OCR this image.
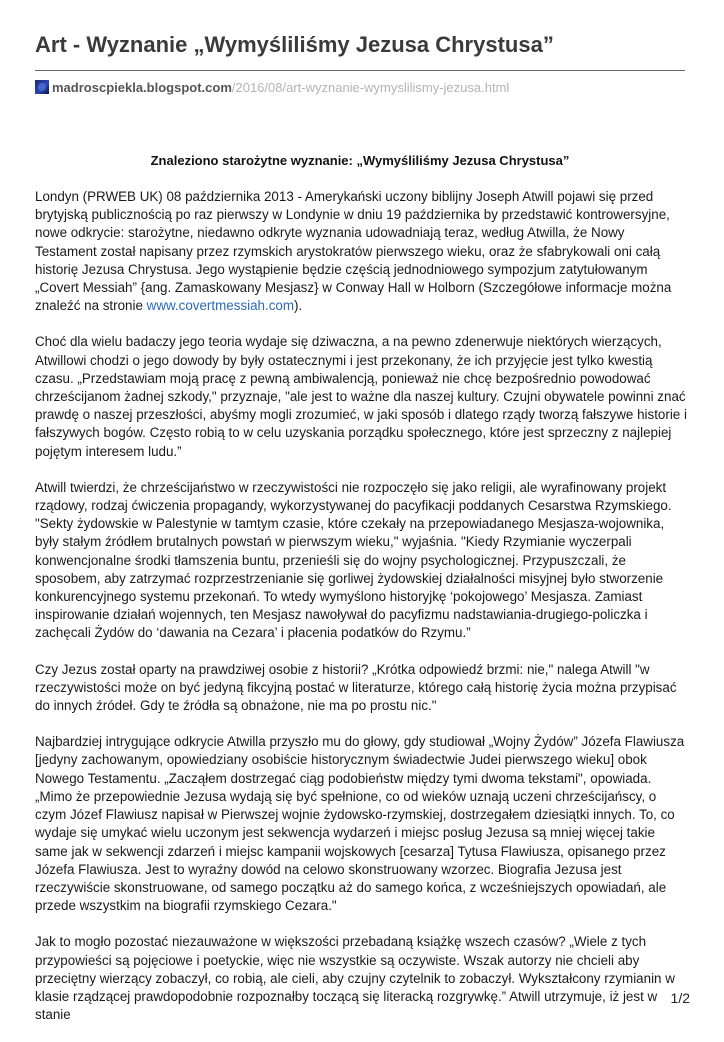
Art - Wyznanie „Wymyśliliśmy Jezusa Chrystusa”
madroscpiekla.blogspot.com/2016/08/art-wyznanie-wymyslilismy-jezusa.html
Znaleziono starożytne wyznanie: „Wymyśliliśmy Jezusa Chrystusa”

Londyn (PRWEB UK) 08 października 2013 - Amerykański uczony biblijny Joseph Atwill pojawi się przed brytyjską publicznością po raz pierwszy w Londynie w dniu 19 października by przedstawić kontrowersyjne, nowe odkrycie: starożytne, niedawno odkryte wyznania udowadniają teraz, według Atwilla, że Nowy Testament został napisany przez rzymskich arystokratów pierwszego wieku, oraz że sfabrykowali oni całą historię Jezusa Chrystusa. Jego wystąpienie będzie częścią jednodniowego sympozjum zatytułowanym „Covert Messiah” {ang. Zamaskowany Mesjasz} w Conway Hall w Holborn (Szczegółowe informacje można znaleźć na stronie www.covertmessiah.com).

Choć dla wielu badaczy jego teoria wydaje się dziwaczna, a na pewno zdenerwuje niektórych wierzących, Atwillowi chodzi o jego dowody by były ostatecznymi i jest przekonany, że ich przyjęcie jest tylko kwestią czasu. „Przedstawiam moją pracę z pewną ambiwalencją, ponieważ nie chcę bezpośrednio powodować chrześcijanom żadnej szkody," przyznaje, "ale jest to ważne dla naszej kultury. Czujni obywatele powinni znać prawdę o naszej przeszłości, abyśmy mogli zrozumieć, w jaki sposób i dlatego rządy tworzą fałszywe historie i fałszywych bogów. Często robią to w celu uzyskania porządku społecznego, które jest sprzeczny z najlepiej pojętym interesem ludu.”

Atwill twierdzi, że chrześcijaństwo w rzeczywistości nie rozpoczęło się jako religii, ale wyrafinowany projekt rządowy, rodzaj ćwiczenia propagandy, wykorzystywanej do pacyfikacji poddanych Cesarstwa Rzymskiego. "Sekty żydowskie w Palestynie w tamtym czasie, które czekały na przepowiadanego Mesjasza-wojownika, były stałym źródłem brutalnych powstań w pierwszym wieku," wyjaśnia. "Kiedy Rzymianie wyczerpali konwencjonalne środki tłamszenia buntu, przenieśli się do wojny psychologicznej. Przypuszczali, że sposobem, aby zatrzymać rozprzestrzenianie się gorliwej żydowskiej działalności misyjnej było stworzenie konkurencyjnego systemu przekonań. To wtedy wymyślono historyjkę ‘pokojowego’ Mesjasza. Zamiast inspirowanie działań wojennych, ten Mesjasz nawoływał do pacyfizmu nadstawiania-drugiego-policzka i zachęcali Żydów do ‘dawania na Cezara’ i płacenia podatków do Rzymu.”

Czy Jezus został oparty na prawdziwej osobie z historii? „Krótka odpowiedź brzmi: nie," nalega Atwill "w rzeczywistości może on być jedyną fikcyjną postać w literaturze, którego całą historię życia można przypisać do innych źródeł. Gdy te źródła są obnażone, nie ma po prostu nic."

Najbardziej intrygujące odkrycie Atwilla przyszło mu do głowy, gdy studiował „Wojny Żydów” Józefa Flawiusza [jedyny zachowanym, opowiedziany osobiście historycznym świadectwie Judei pierwszego wieku] obok Nowego Testamentu. „Zacząłem dostrzegać ciąg podobieństw między tymi dwoma tekstami", opowiada. „Mimo że przepowiednie Jezusa wydają się być spełnione, co od wieków uznają uczeni chrześcijańscy, o czym Józef Flawiusz napisał w Pierwszej wojnie żydowsko-rzymskiej, dostrzegałem dziesiątki innych. To, co wydaje się umykać wielu uczonym jest sekwencja wydarzeń i miejsc posług Jezusa są mniej więcej takie same jak w sekwencji zdarzeń i miejsc kampanii wojskowych [cesarza] Tytusa Flawiusza, opisanego przez Józefa Flawiusza. Jest to wyraźny dowód na celowo skonstruowany wzorzec. Biografia Jezusa jest rzeczywiście skonstruowane, od samego początku aż do samego końca, z wcześniejszych opowiadań, ale przede wszystkim na biografii rzymskiego Cezara."

Jak to mogło pozostać niezauważone w większości przebadaną książkę wszech czasów? „Wiele z tych przypowieści są pojęciowe i poetyckie, więc nie wszystkie są oczywiste. Wszak autorzy nie chcieli aby przeciętny wierzący zobaczył, co robią, ale cieli, aby czujny czytelnik to zobaczył. Wykształcony rzymianin w klasie rządzącej prawdopodobnie rozpoznałby toczącą się literacką rozgrywkę.” Atwill utrzymuje, iż jest w stanie

1/2
